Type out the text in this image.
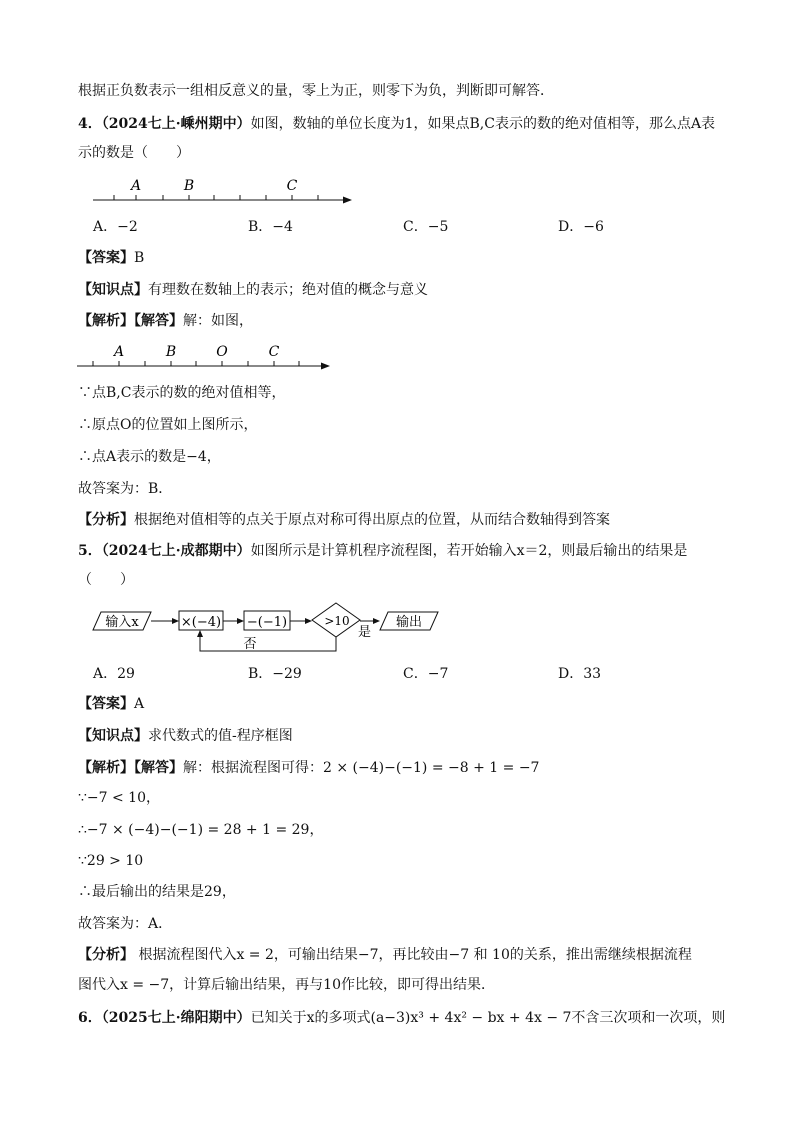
根据正负数表示一组相反意义的量，零上为正，则零下为负，判断即可解答．
4．（2024七上·嵊州期中）如图，数轴的单位长度为1，如果点B,C表示的数的绝对值相等，那么点A表
示的数是（　　）
A	B	C
A．−2	B．−4	C．−5	D．−6
【答案】B
【知识点】有理数在数轴上的表示；绝对值的概念与意义
【解析】【解答】解：如图，
A	B	O	C
∵点B,C表示的数的绝对值相等，
∴原点O的位置如上图所示，
∴点A表示的数是−4，
故答案为：B．
【分析】根据绝对值相等的点关于原点对称可得出原点的位置，从而结合数轴得到答案
5．（2024七上·成都期中）如图所示是计算机程序流程图，若开始输入x＝2，则最后输出的结果是
（　　）
输入x	×(−4) −(−1)	>10
是
输出
否
A．29	B．−29	C．−7	D．33
【答案】A
【知识点】求代数式的值-程序框图
【解析】【解答】解：根据流程图可得：2 × (−4)−(−1) = −8 + 1 = −7
∵−7 < 10，
∴−7 × (−4)−(−1) = 28 + 1 = 29，
∵29 > 10
∴最后输出的结果是29，
故答案为：A．
【分析】 根据流程图代入x = 2，可输出结果−7，再比较由−7 和 10的关系，推出需继续根据流程
图代入x = −7，计算后输出结果，再与10作比较，即可得出结果．
6．（2025七上·绵阳期中）已知关于x的多项式(a−3)x³ + 4x² − bx + 4x − 7不含三次项和一次项，则
